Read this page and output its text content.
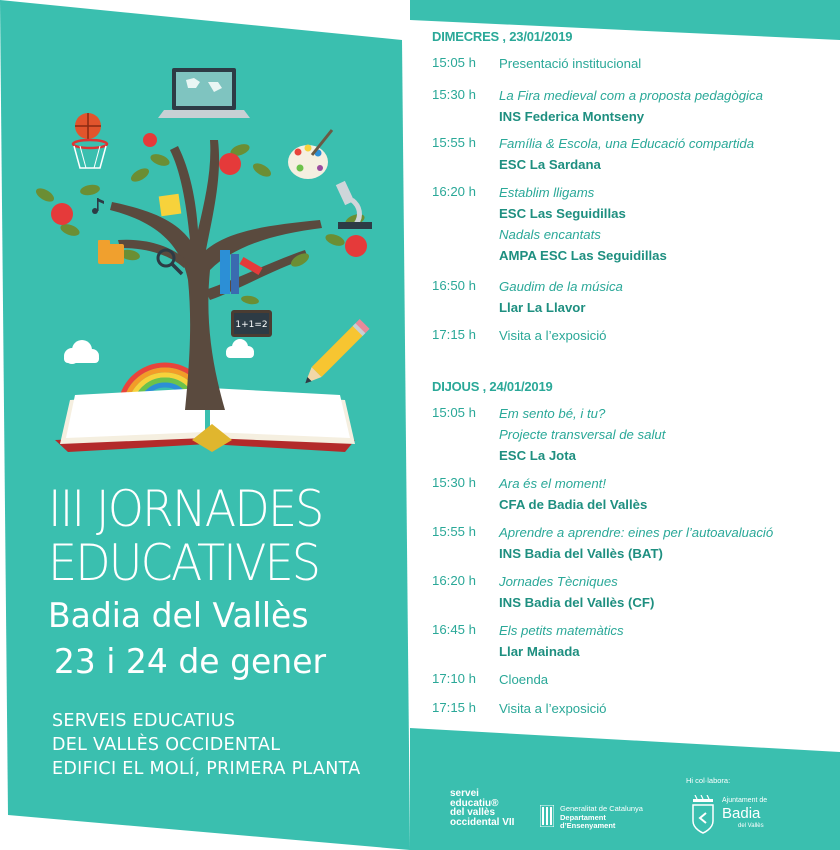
1+1=2
III JORNADES
EDUCATIVES
Badia del Vallès
23 i 24 de gener
SERVEIS EDUCATIUS
DEL VALLÈS OCCIDENTAL
EDIFICI EL MOLÍ, PRIMERA PLANTA
DIMECRES , 23/01/2019
15:05 h	Presentació institucional
15:30 h	La Fira medieval com a proposta pedagògica
INS Federica Montseny
15:55 h	Família & Escola, una Educació compartida
ESC La Sardana
16:20 h	Establim lligams
ESC Las Seguidillas
Nadals encantats
AMPA ESC Las Seguidillas
16:50 h	Gaudim de la música
Llar La Llavor
17:15 h	Visita a l’exposició
DIJOUS , 24/01/2019
15:05 h	Em sento bé, i tu?
Projecte transversal de salut
ESC La Jota
15:30 h	Ara és el moment!
CFA de Badia del Vallès
15:55 h	Aprendre a aprendre: eines per l’autoavaluació
INS Badia del Vallès (BAT)
16:20 h	Jornades Tècniques
INS Badia del Vallès (CF)
16:45 h	Els petits matemàtics
Llar Mainada
17:10 h	Cloenda
17:15 h	Visita a l’exposició
servei
educatiu®
del vallès
occidental VII
Generalitat de Catalunya
Departament
d’Ensenyament
Hi col·labora:
Ajuntament de
Badia
del Vallès
